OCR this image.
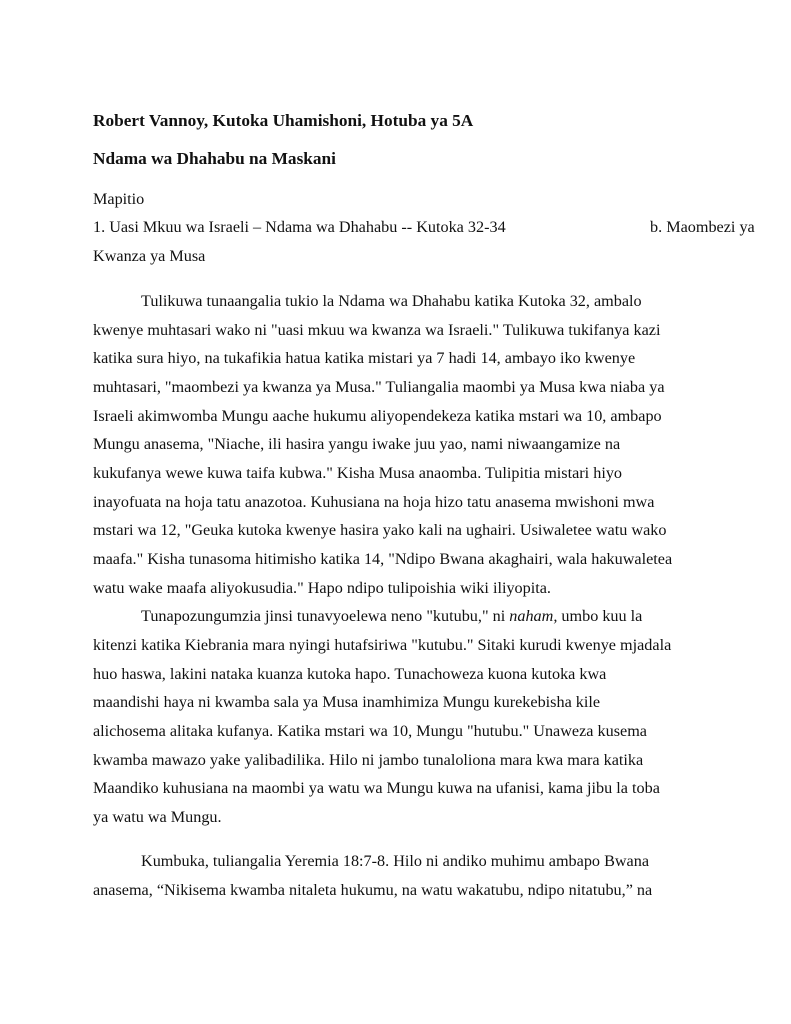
Robert Vannoy, Kutoka Uhamishoni, Hotuba ya 5A
Ndama wa Dhahabu na Maskani
Mapitio
1. Uasi Mkuu wa Israeli – Ndama wa Dhahabu -- Kutoka 32-34	b. Maombezi ya
Kwanza ya Musa
Tulikuwa tunaangalia tukio la Ndama wa Dhahabu katika Kutoka 32, ambalo
kwenye muhtasari wako ni "uasi mkuu wa kwanza wa Israeli." Tulikuwa tukifanya kazi
katika sura hiyo, na tukafikia hatua katika mistari ya 7 hadi 14, ambayo iko kwenye
muhtasari, "maombezi ya kwanza ya Musa." Tuliangalia maombi ya Musa kwa niaba ya
Israeli akimwomba Mungu aache hukumu aliyopendekeza katika mstari wa 10, ambapo
Mungu anasema, "Niache, ili hasira yangu iwake juu yao, nami niwaangamize na
kukufanya wewe kuwa taifa kubwa." Kisha Musa anaomba. Tulipitia mistari hiyo
inayofuata na hoja tatu anazotoa. Kuhusiana na hoja hizo tatu anasema mwishoni mwa
mstari wa 12, "Geuka kutoka kwenye hasira yako kali na ughairi. Usiwaletee watu wako
maafa." Kisha tunasoma hitimisho katika 14, "Ndipo Bwana akaghairi, wala hakuwaletea
watu wake maafa aliyokusudia." Hapo ndipo tulipoishia wiki iliyopita.
Tunapozungumzia jinsi tunavyoelewa neno "kutubu," ni naham, umbo kuu la
kitenzi katika Kiebrania mara nyingi hutafsiriwa "kutubu." Sitaki kurudi kwenye mjadala
huo haswa, lakini nataka kuanza kutoka hapo. Tunachoweza kuona kutoka kwa
maandishi haya ni kwamba sala ya Musa inamhimiza Mungu kurekebisha kile
alichosema alitaka kufanya. Katika mstari wa 10, Mungu "hutubu." Unaweza kusema
kwamba mawazo yake yalibadilika. Hilo ni jambo tunaloliona mara kwa mara katika
Maandiko kuhusiana na maombi ya watu wa Mungu kuwa na ufanisi, kama jibu la toba
ya watu wa Mungu.
Kumbuka, tuliangalia Yeremia 18:7-8. Hilo ni andiko muhimu ambapo Bwana
anasema, “Nikisema kwamba nitaleta hukumu, na watu wakatubu, ndipo nitatubu,” na
